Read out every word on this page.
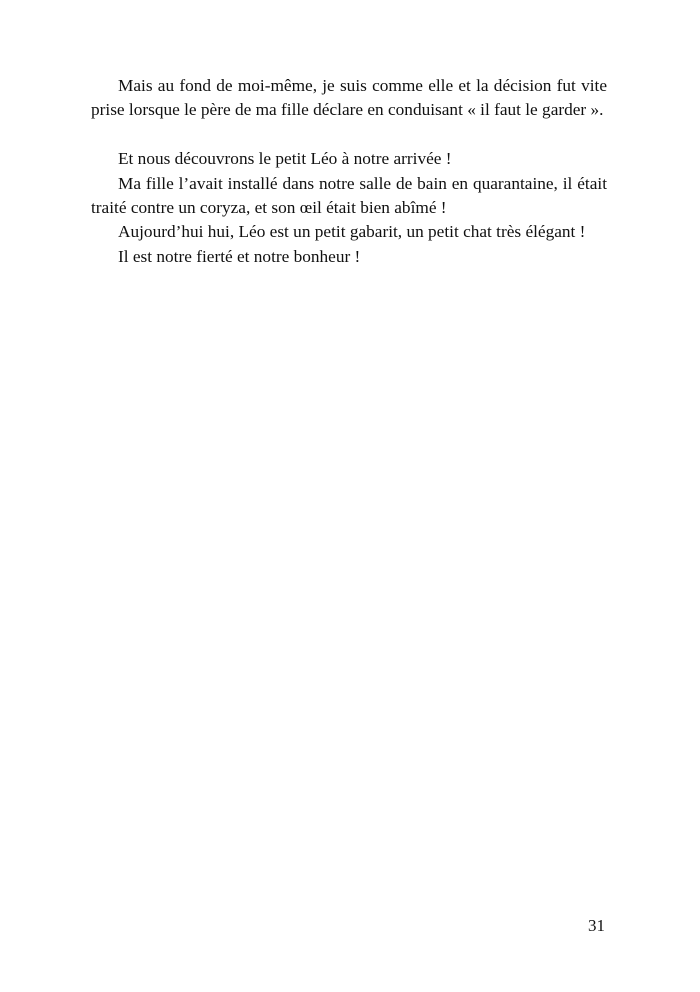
Mais au fond de moi-même, je suis comme elle et la décision fut vite prise lorsque le père de ma fille déclare en conduisant « il faut le garder ».

Et nous découvrons le petit Léo à notre arrivée !

Ma fille l’avait installé dans notre salle de bain en quarantaine, il était traité contre un coryza, et son œil était bien abîmé !

Aujourd’hui hui, Léo est un petit gabarit, un petit chat très élégant !

Il est notre fierté et notre bonheur !

31
